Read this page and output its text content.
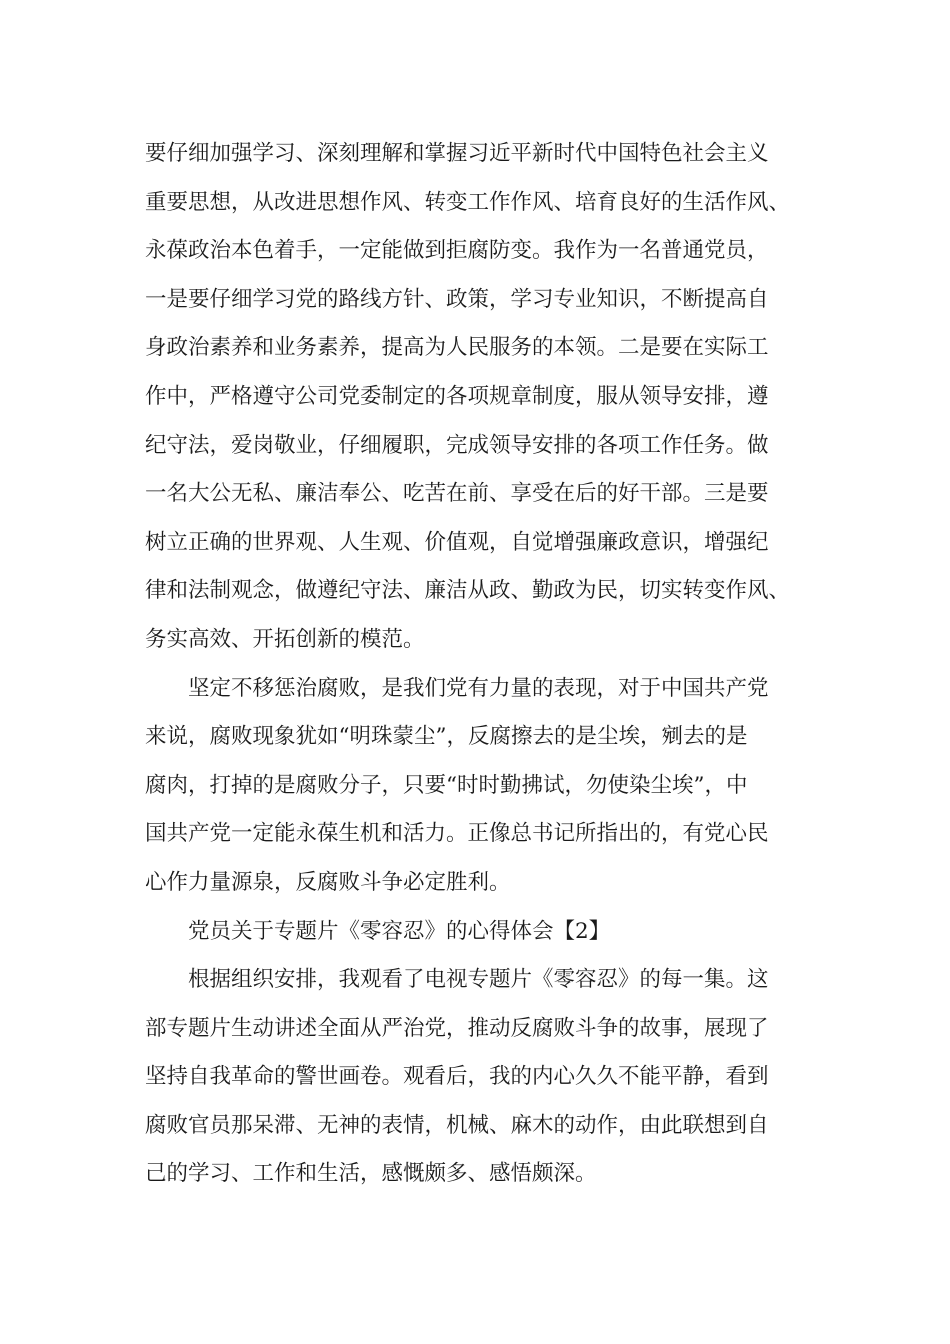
要仔细加强学习、深刻理解和掌握习近平新时代中国特色社会主义
重要思想，从改进思想作风、转变工作作风、培育良好的生活作风、
永葆政治本色着手，一定能做到拒腐防变。我作为一名普通党员，
一是要仔细学习党的路线方针、政策，学习专业知识，不断提高自
身政治素养和业务素养，提高为人民服务的本领。二是要在实际工
作中，严格遵守公司党委制定的各项规章制度，服从领导安排，遵
纪守法，爱岗敬业，仔细履职，完成领导安排的各项工作任务。做
一名大公无私、廉洁奉公、吃苦在前、享受在后的好干部。三是要
树立正确的世界观、人生观、价值观，自觉增强廉政意识，增强纪
律和法制观念，做遵纪守法、廉洁从政、勤政为民，切实转变作风、
务实高效、开拓创新的模范。
坚定不移惩治腐败，是我们党有力量的表现，对于中国共产党
来说，腐败现象犹如“明珠蒙尘”，反腐擦去的是尘埃，剜去的是
腐肉，打掉的是腐败分子，只要“时时勤拂试，勿使染尘埃”，中
国共产党一定能永葆生机和活力。正像总书记所指出的，有党心民
心作力量源泉，反腐败斗争必定胜利。
党员关于专题片《零容忍》的心得体会【2】
根据组织安排，我观看了电视专题片《零容忍》的每一集。这
部专题片生动讲述全面从严治党，推动反腐败斗争的故事，展现了
坚持自我革命的警世画卷。观看后，我的内心久久不能平静，看到
腐败官员那呆滞、无神的表情，机械、麻木的动作，由此联想到自
己的学习、工作和生活，感慨颇多、感悟颇深。
